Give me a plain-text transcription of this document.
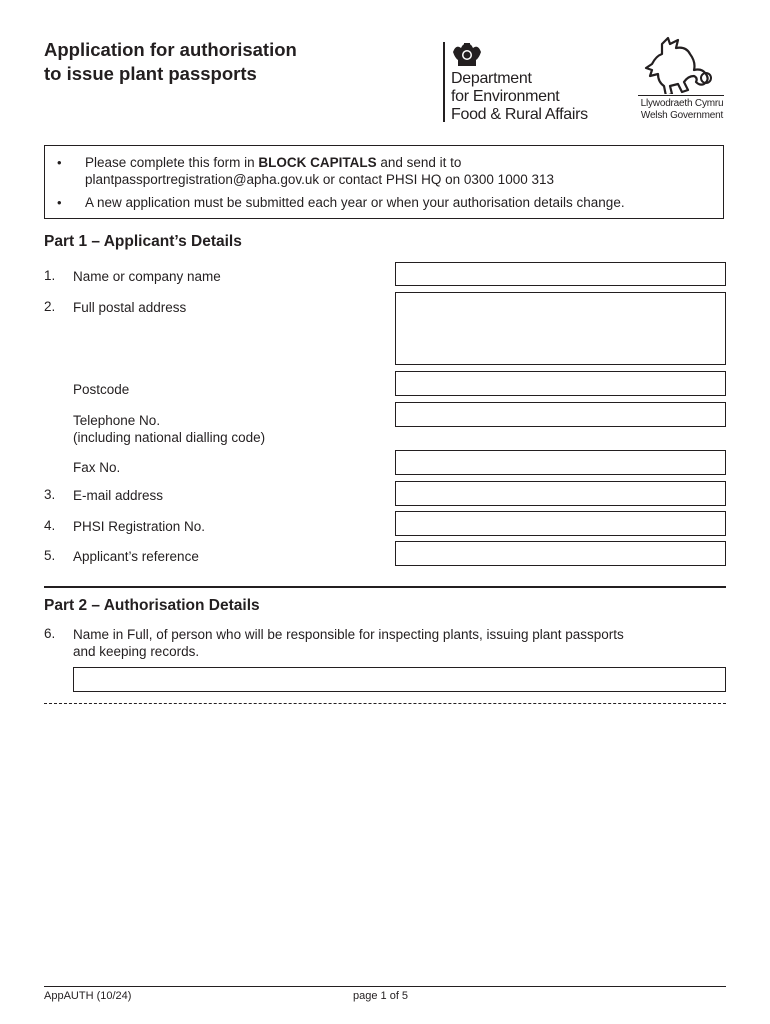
Application for authorisation
to issue plant passports	Department
for Environment
Food & Rural Affairs
Llywodraeth Cymru
Welsh Government
• Please complete this form in BLOCK CAPITALS and send it to
plantpassportregistration@apha.gov.uk or contact PHSI HQ on 0300 1000 313
• A new application must be submitted each year or when your authorisation details change.
Part 1 – Applicant’s Details
1. Name or company name
2. Full postal address
Postcode
Telephone No.
(including national dialling code)
Fax No.
3. E-mail address
4. PHSI Registration No.
5. Applicant’s reference
Part 2 – Authorisation Details
6. Name in Full, of person who will be responsible for inspecting plants, issuing plant passports
and keeping records.
AppAUTH (10/24)	page 1 of 5
